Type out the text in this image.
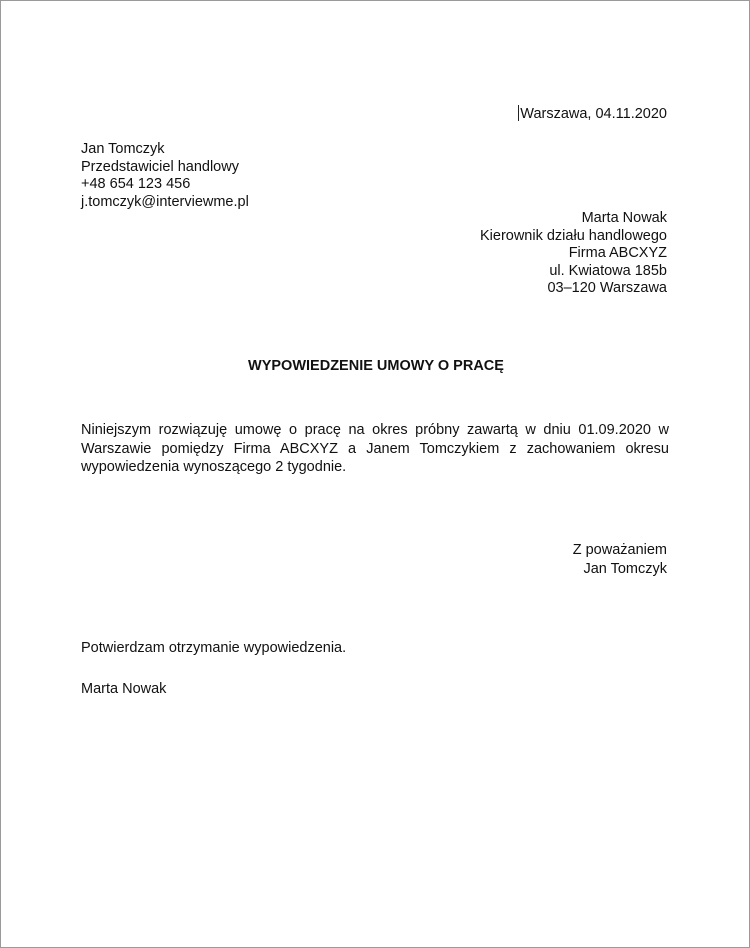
Warszawa, 04.11.2020
Jan Tomczyk
Przedstawiciel handlowy
+48 654 123 456
j.tomczyk@interviewme.pl
Marta Nowak
Kierownik działu handlowego
Firma ABCXYZ
ul. Kwiatowa 185b
03–120 Warszawa
WYPOWIEDZENIE UMOWY O PRACĘ
Niniejszym rozwiązuję umowę o pracę na okres próbny zawartą w dniu 01.09.2020 w Warszawie pomiędzy Firma ABCXYZ a Janem Tomczykiem z zachowaniem okresu wypowiedzenia wynoszącego 2 tygodnie.
Z poważaniem
Jan Tomczyk
Potwierdzam otrzymanie wypowiedzenia.
Marta Nowak
